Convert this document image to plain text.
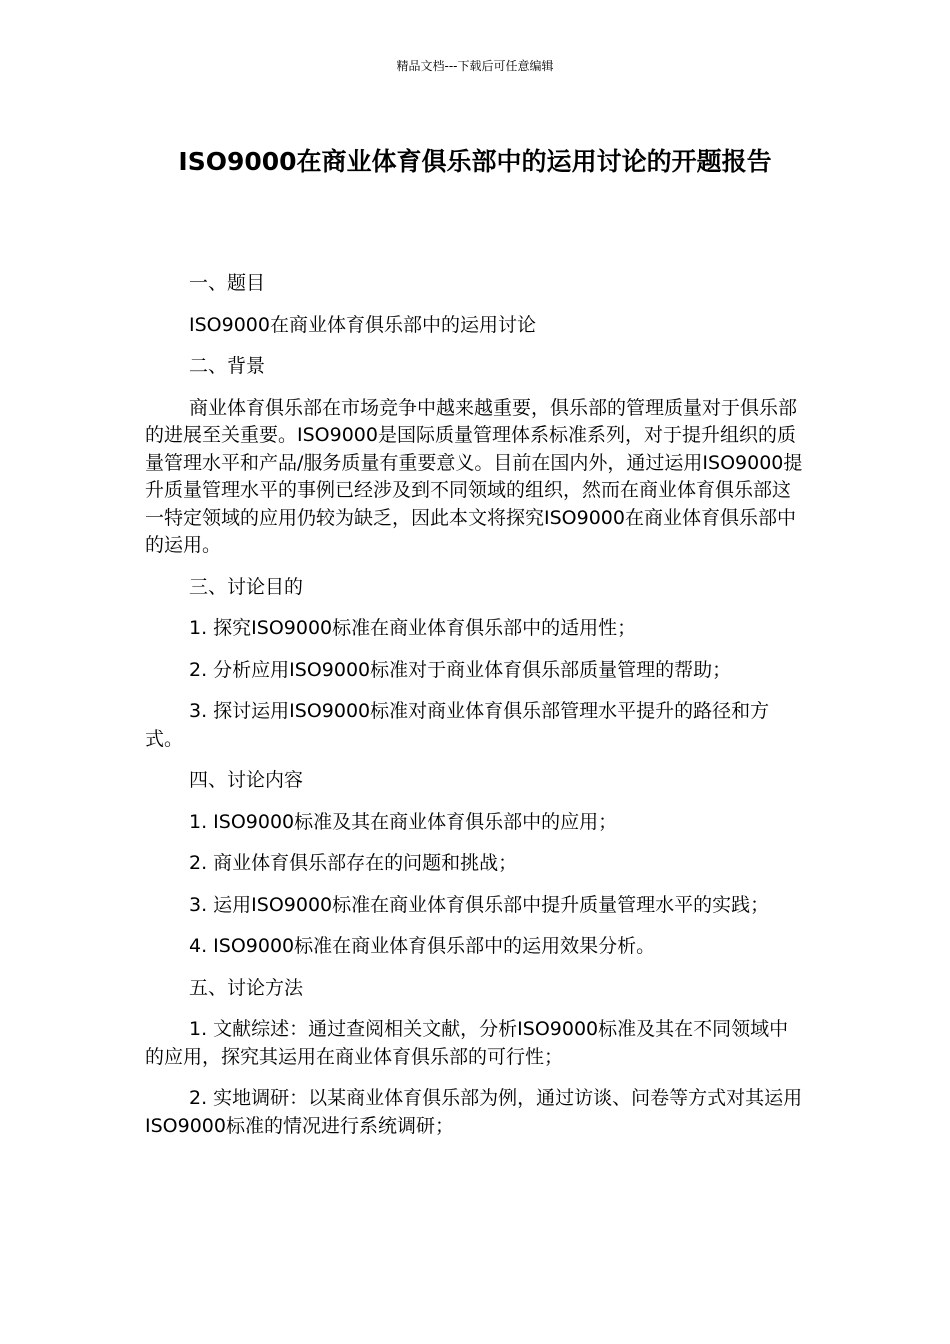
精品文档---下载后可任意编辑
ISO9000在商业体育俱乐部中的运用讨论的开题报告

一、题目

ISO9000在商业体育俱乐部中的运用讨论

二、背景

商业体育俱乐部在市场竞争中越来越重要，俱乐部的管理质量对于俱乐部的进展至关重要。ISO9000是国际质量管理体系标准系列，对于提升组织的质量管理水平和产品/服务质量有重要意义。目前在国内外，通过运用ISO9000提升质量管理水平的事例已经涉及到不同领域的组织，然而在商业体育俱乐部这一特定领域的应用仍较为缺乏，因此本文将探究ISO9000在商业体育俱乐部中的运用。

三、讨论目的

1. 探究ISO9000标准在商业体育俱乐部中的适用性；

2. 分析应用ISO9000标准对于商业体育俱乐部质量管理的帮助；

3. 探讨运用ISO9000标准对商业体育俱乐部管理水平提升的路径和方式。

四、讨论内容

1. ISO9000标准及其在商业体育俱乐部中的应用；

2. 商业体育俱乐部存在的问题和挑战；

3. 运用ISO9000标准在商业体育俱乐部中提升质量管理水平的实践；

4. ISO9000标准在商业体育俱乐部中的运用效果分析。

五、讨论方法

1. 文献综述：通过查阅相关文献，分析ISO9000标准及其在不同领域中的应用，探究其运用在商业体育俱乐部的可行性；

2. 实地调研：以某商业体育俱乐部为例，通过访谈、问卷等方式对其运用ISO9000标准的情况进行系统调研；
